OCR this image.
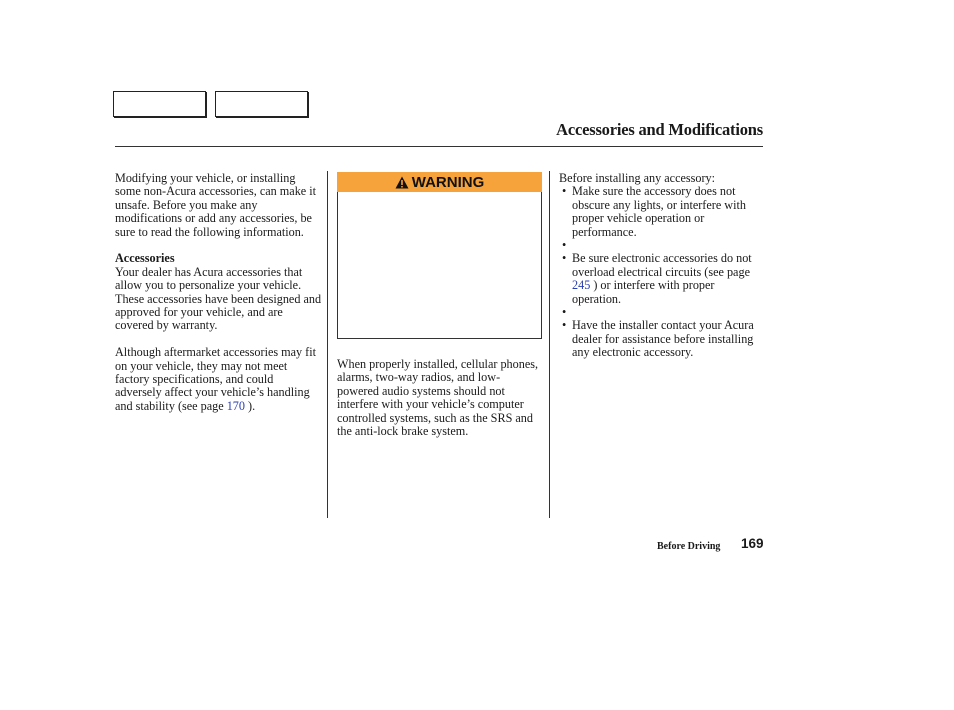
Accessories and Modifications

Modifying your vehicle, or installing some non-Acura accessories, can make it unsafe. Before you make any modifications or add any accessories, be sure to read the following information.

Accessories

Your dealer has Acura accessories that allow you to personalize your vehicle. These accessories have been designed and approved for your vehicle, and are covered by warranty.

Although aftermarket accessories may fit on your vehicle, they may not meet factory specifications, and could adversely affect your vehicle’s handling and stability (see page 170 ).

WARNING

When properly installed, cellular phones, alarms, two-way radios, and low-powered audio systems should not interfere with your vehicle’s computer controlled systems, such as the SRS and the anti-lock brake system.

Before installing any accessory:

• Make sure the accessory does not obscure any lights, or interfere with proper vehicle operation or performance.
•
• Be sure electronic accessories do not overload electrical circuits (see page 245 ) or interfere with proper operation.
•
• Have the installer contact your Acura dealer for assistance before installing any electronic accessory.
Before Driving 169
